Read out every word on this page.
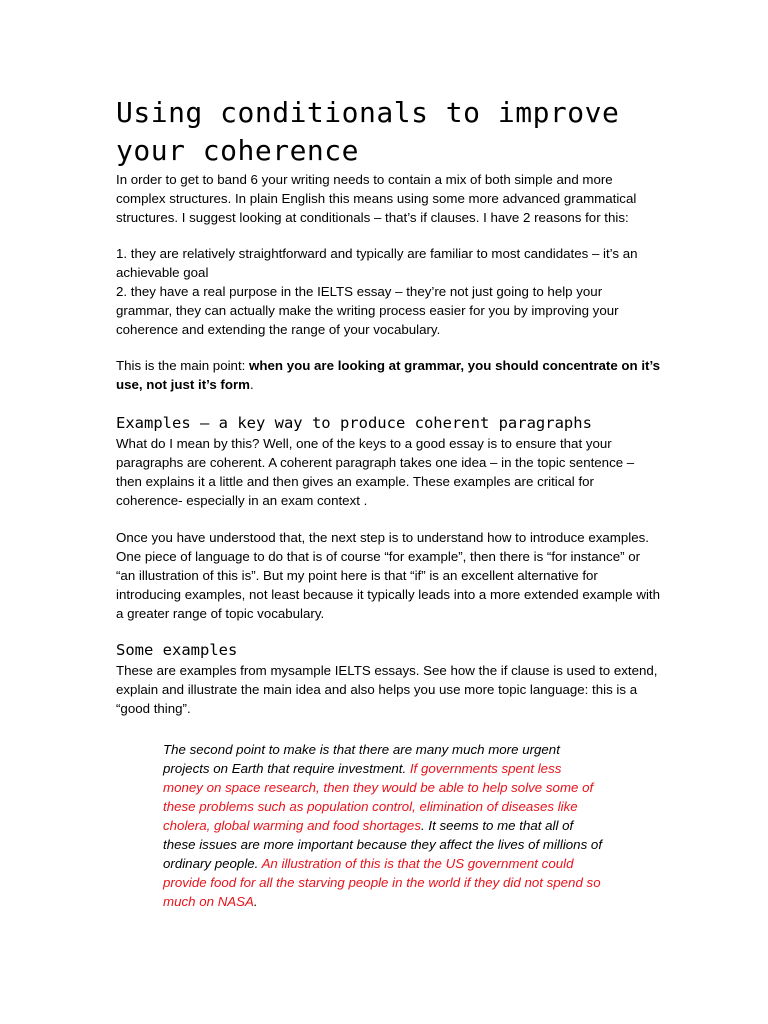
Using conditionals to improve your coherence

In order to get to band 6 your writing needs to contain a mix of both simple and more complex structures. In plain English this means using some more advanced grammatical structures. I suggest looking at conditionals – that’s if clauses. I have 2 reasons for this:

1. they are relatively straightforward and typically are familiar to most candidates – it’s an achievable goal

2. they have a real purpose in the IELTS essay – they’re not just going to help your grammar, they can actually make the writing process easier for you by improving your coherence and extending the range of your vocabulary.

This is the main point: when you are looking at grammar, you should concentrate on it’s use, not just it’s form.

Examples – a key way to produce coherent paragraphs

What do I mean by this? Well, one of the keys to a good essay is to ensure that your paragraphs are coherent. A coherent paragraph takes one idea – in the topic sentence – then explains it a little and then gives an example. These examples are critical for coherence- especially in an exam context .

Once you have understood that, the next step is to understand how to introduce examples. One piece of language to do that is of course “for example”, then there is “for instance” or “an illustration of this is”. But my point here is that “if” is an excellent alternative for introducing examples, not least because it typically leads into a more extended example with a greater range of topic vocabulary.

Some examples

These are examples from mysample IELTS essays. See how the if clause is used to extend, explain and illustrate the main idea and also helps you use more topic language: this is a “good thing”.

The second point to make is that there are many much more urgent projects on Earth that require investment. If governments spent less money on space research, then they would be able to help solve some of these problems such as population control, elimination of diseases like cholera, global warming and food shortages. It seems to me that all of these issues are more important because they affect the lives of millions of ordinary people. An illustration of this is that the US government could provide food for all the starving people in the world if they did not spend so much on NASA.
